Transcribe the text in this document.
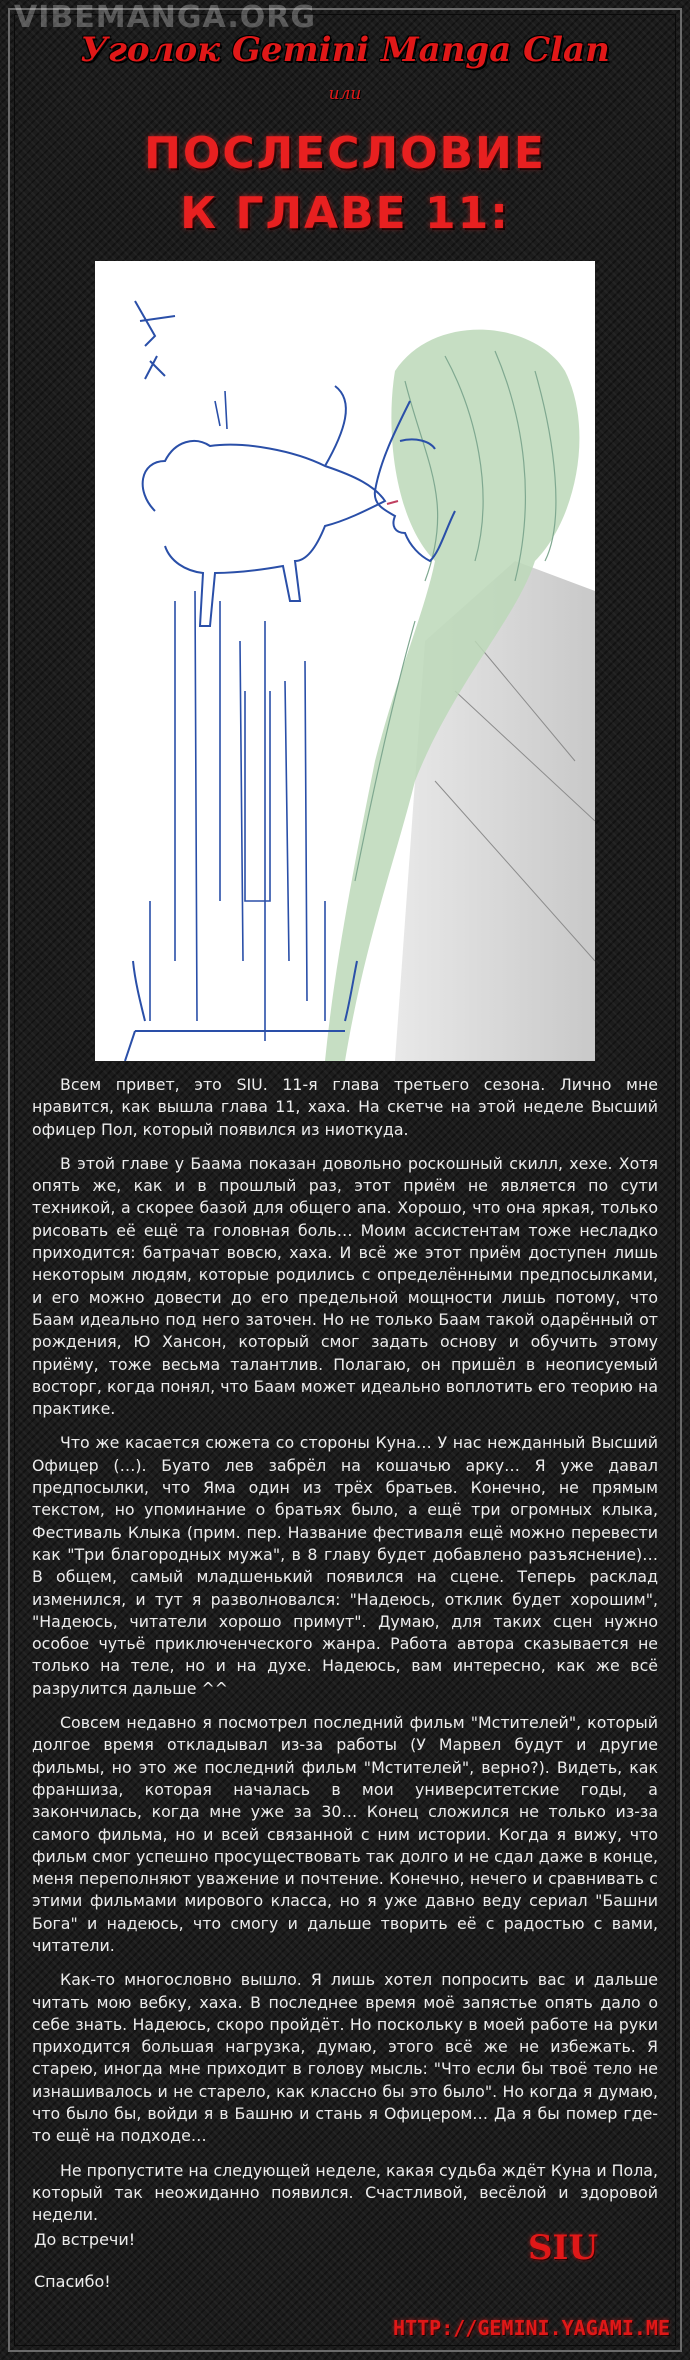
VIBEMANGA.ORG

Уголок Gemini Manga Clan

или

ПОСЛЕСЛОВИЕ
К ГЛАВЕ 11:

Всем привет, это SIU. 11-я глава третьего сезона. Лично мне нравится, как вышла глава 11, хаха. На скетче на этой неделе Высший офицер Пол, который появился из ниоткуда.

В этой главе у Баама показан довольно роскошный скилл, хехе. Хотя опять же, как и в прошлый раз, этот приём не является по сути техникой, а скорее базой для общего апа. Хорошо, что она яркая, только рисовать её ещё та головная боль… Моим ассистентам тоже несладко приходится: батрачат вовсю, хаха. И всё же этот приём доступен лишь некоторым людям, которые родились с определёнными предпосылками, и его можно довести до его предельной мощности лишь потому, что Баам идеально под него заточен. Но не только Баам такой одарённый от рождения, Ю Хансон, который смог задать основу и обучить этому приёму, тоже весьма талантлив. Полагаю, он пришёл в неописуемый восторг, когда понял, что Баам может идеально воплотить его теорию на практике.

Что же касается сюжета со стороны Куна… У нас нежданный Высший Офицер (…). Буато лев забрёл на кошачью арку… Я уже давал предпосылки, что Яма один из трёх братьев. Конечно, не прямым текстом, но упоминание о братьях было, а ещё три огромных клыка, Фестиваль Клыка (прим. пер. Название фестиваля ещё можно перевести как "Три благородных мужа", в 8 главу будет добавлено разъяснение)… В общем, самый младшенький появился на сцене. Теперь расклад изменился, и тут я разволновался: "Надеюсь, отклик будет хорошим", "Надеюсь, читатели хорошо примут". Думаю, для таких сцен нужно особое чутьё приключенческого жанра. Работа автора сказывается не только на теле, но и на духе. Надеюсь, вам интересно, как же всё разрулится дальше ^^

Совсем недавно я посмотрел последний фильм "Мстителей", который долгое время откладывал из-за работы (У Марвел будут и другие фильмы, но это же последний фильм "Мстителей", верно?). Видеть, как франшиза, которая началась в мои университетские годы, а закончилась, когда мне уже за 30… Конец сложился не только из-за самого фильма, но и всей связанной с ним истории. Когда я вижу, что фильм смог успешно просуществовать так долго и не сдал даже в конце, меня переполняют уважение и почтение. Конечно, нечего и сравнивать с этими фильмами мирового класса, но я уже давно веду сериал "Башни Бога" и надеюсь, что смогу и дальше творить её с радостью с вами, читатели.

Как-то многословно вышло. Я лишь хотел попросить вас и дальше читать мою вебку, хаха. В последнее время моё запястье опять дало о себе знать. Надеюсь, скоро пройдёт. Но поскольку в моей работе на руки приходится большая нагрузка, думаю, этого всё же не избежать. Я старею, иногда мне приходит в голову мысль: "Что если бы твоё тело не изнашивалось и не старело, как классно бы это было". Но когда я думаю, что было бы, войди я в Башню и стань я Офицером… Да я бы помер где-то ещё на подходе…

Не пропустите на следующей неделе, какая судьба ждёт Куна и Пола, который так неожиданно появился. Счастливой, весёлой и здоровой недели.

До встречи!

Спасибо!

SIU

HTTP://GEMINI.YAGAMI.ME
